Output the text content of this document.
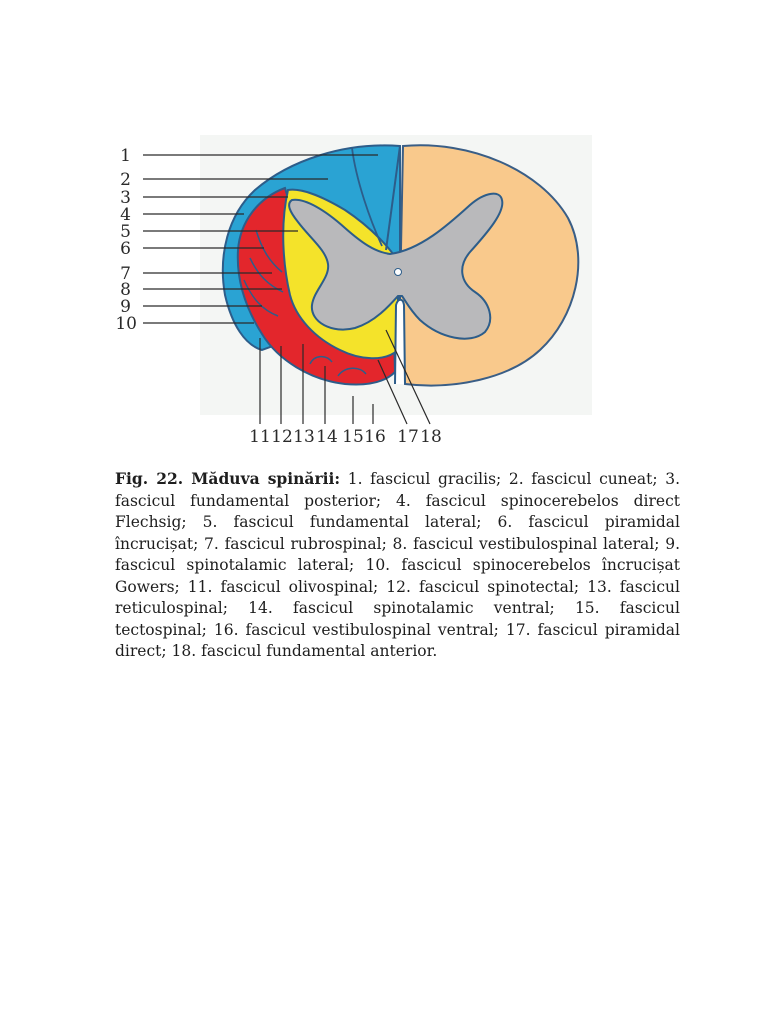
1
2
3
4
5
6
7
8
9
10
11 12 13 14 15 16 17 18
Fig. 22. Măduva spinării: 1. fascicul gracilis; 2. fascicul cuneat; 3. fascicul fundamental posterior; 4. fascicul spinocerebelos direct Flechsig; 5. fascicul fundamental lateral; 6. fascicul piramidal încrucișat; 7. fascicul rubrospinal; 8. fascicul vestibulospinal lateral; 9. fascicul spinotalamic lateral; 10. fascicul spinocerebelos încrucișat Gowers; 11. fascicul olivospinal; 12. fascicul spinotectal; 13. fascicul reticulospinal; 14. fascicul spinotalamic ventral; 15. fascicul tectospinal; 16. fascicul vestibulospinal ventral; 17. fascicul piramidal direct; 18. fascicul fundamental anterior.
